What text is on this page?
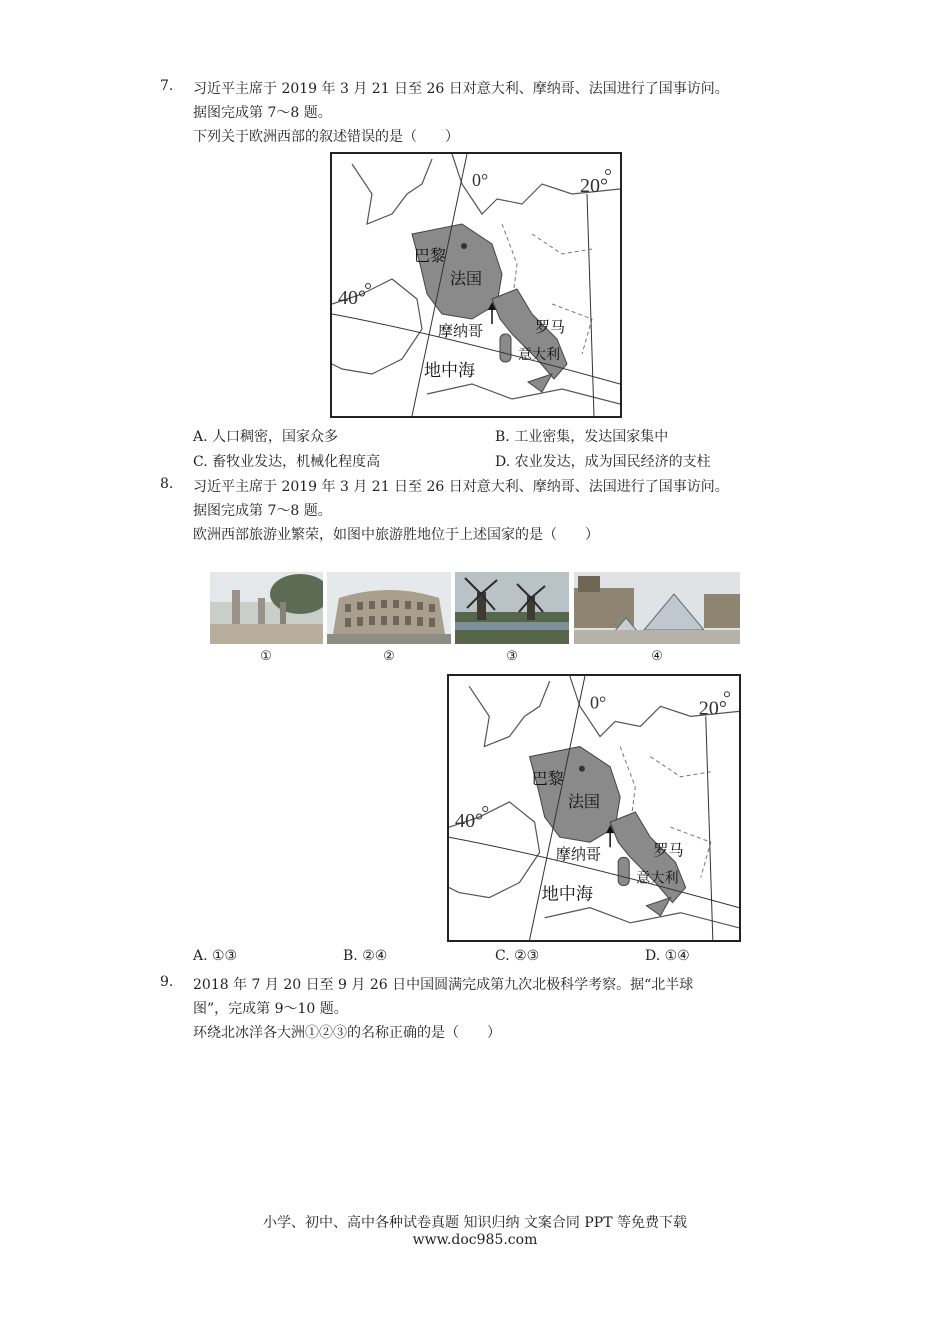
7. 习近平主席于 2019 年 3 月 21 日至 26 日对意大利、摩纳哥、法国进行了国事访问。
据图完成第 7～8 题。
下列关于欧洲西部的叙述错误的是（　　）
巴黎
法国
摩纳哥	罗马
意大利
地中海
0°	20°
40°
A. 人口稠密，国家众多	B. 工业密集，发达国家集中
C. 畜牧业发达，机械化程度高	D. 农业发达，成为国民经济的支柱
8. 习近平主席于 2019 年 3 月 21 日至 26 日对意大利、摩纳哥、法国进行了国事访问。
据图完成第 7～8 题。
欧洲西部旅游业繁荣，如图中旅游胜地位于上述国家的是（　　）
①	②	③	④
巴黎
法国
摩纳哥	罗马
意大利
地中海
0°	20°
40°
A. ①③	B. ②④	C. ②③	D. ①④
9. 2018 年 7 月 20 日至 9 月 26 日中国圆满完成第九次北极科学考察。据“北半球
图”，完成第 9～10 题。
环绕北冰洋各大洲①②③的名称正确的是（　　）
小学、初中、高中各种试卷真题 知识归纳 文案合同 PPT 等免费下载
www.doc985.com
